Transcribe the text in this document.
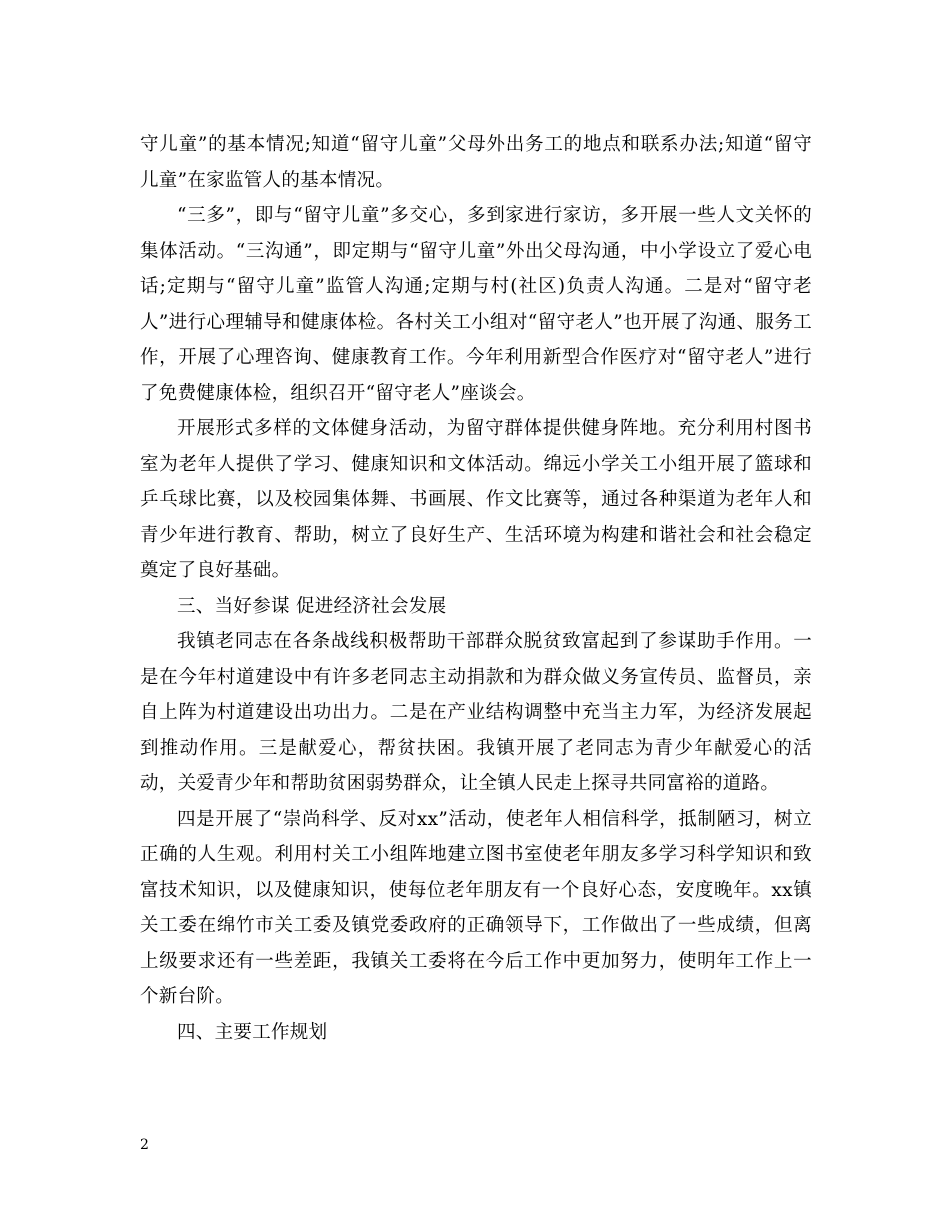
守儿童”的基本情况;知道“留守儿童”父母外出务工的地点和联系办法;知道“留守儿童”在家监管人的基本情况。

“三多”，即与“留守儿童”多交心，多到家进行家访，多开展一些人文关怀的集体活动。“三沟通”，即定期与“留守儿童”外出父母沟通，中小学设立了爱心电话;定期与“留守儿童”监管人沟通;定期与村(社区)负责人沟通。二是对“留守老人”进行心理辅导和健康体检。各村关工小组对“留守老人”也开展了沟通、服务工作，开展了心理咨询、健康教育工作。今年利用新型合作医疗对“留守老人”进行了免费健康体检，组织召开“留守老人”座谈会。

开展形式多样的文体健身活动，为留守群体提供健身阵地。充分利用村图书室为老年人提供了学习、健康知识和文体活动。绵远小学关工小组开展了篮球和乒乓球比赛，以及校园集体舞、书画展、作文比赛等，通过各种渠道为老年人和青少年进行教育、帮助，树立了良好生产、生活环境为构建和谐社会和社会稳定奠定了良好基础。

三、当好参谋 促进经济社会发展

我镇老同志在各条战线积极帮助干部群众脱贫致富起到了参谋助手作用。一是在今年村道建设中有许多老同志主动捐款和为群众做义务宣传员、监督员，亲自上阵为村道建设出功出力。二是在产业结构调整中充当主力军，为经济发展起到推动作用。三是献爱心，帮贫扶困。我镇开展了老同志为青少年献爱心的活动，关爱青少年和帮助贫困弱势群众，让全镇人民走上探寻共同富裕的道路。

四是开展了“崇尚科学、反对xx”活动，使老年人相信科学，抵制陋习，树立正确的人生观。利用村关工小组阵地建立图书室使老年朋友多学习科学知识和致富技术知识，以及健康知识，使每位老年朋友有一个良好心态，安度晚年。xx镇关工委在绵竹市关工委及镇党委政府的正确领导下，工作做出了一些成绩，但离上级要求还有一些差距，我镇关工委将在今后工作中更加努力，使明年工作上一个新台阶。

四、主要工作规划

2
